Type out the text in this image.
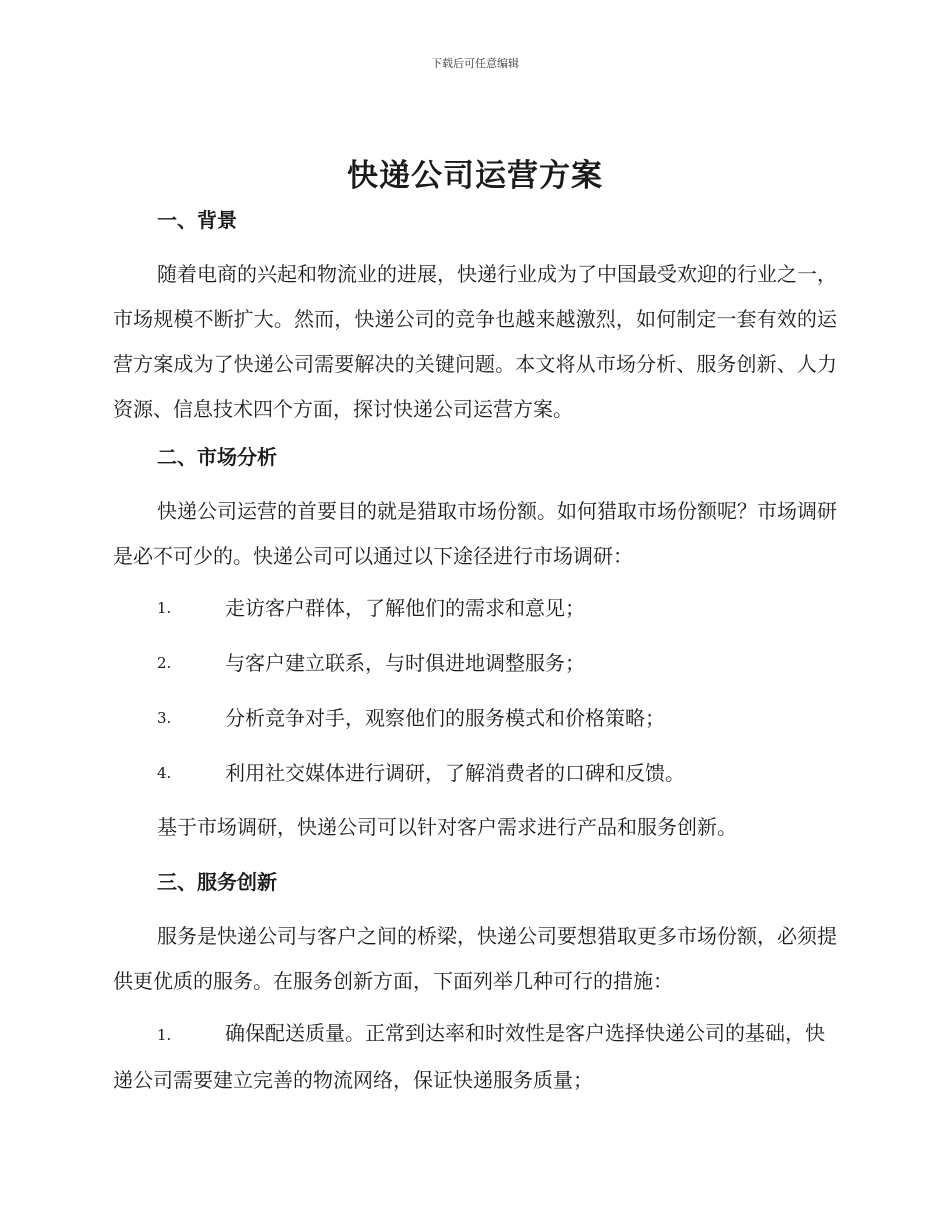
下载后可任意编辑
快递公司运营方案
一、背景
随着电商的兴起和物流业的进展，快递行业成为了中国最受欢迎的行业之一，市场规模不断扩大。然而，快递公司的竞争也越来越激烈，如何制定一套有效的运营方案成为了快递公司需要解决的关键问题。本文将从市场分析、服务创新、人力资源、信息技术四个方面，探讨快递公司运营方案。
二、市场分析
快递公司运营的首要目的就是猎取市场份额。如何猎取市场份额呢？市场调研是必不可少的。快递公司可以通过以下途径进行市场调研：
1.	走访客户群体，了解他们的需求和意见；
2.	与客户建立联系，与时俱进地调整服务；
3.	分析竞争对手，观察他们的服务模式和价格策略；
4.	利用社交媒体进行调研，了解消费者的口碑和反馈。
基于市场调研，快递公司可以针对客户需求进行产品和服务创新。
三、服务创新
服务是快递公司与客户之间的桥梁，快递公司要想猎取更多市场份额，必须提供更优质的服务。在服务创新方面，下面列举几种可行的措施：
1.	确保配送质量。正常到达率和时效性是客户选择快递公司的基础，快递公司需要建立完善的物流网络，保证快递服务质量；
